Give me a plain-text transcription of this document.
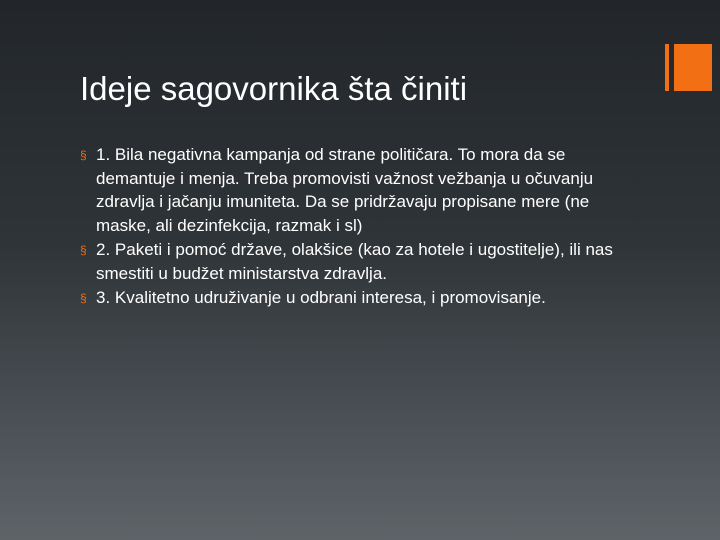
Ideje sagovornika šta činiti
§ 1. Bila negativna kampanja od strane političara. To mora da se demantuje i menja. Treba promovisti važnost vežbanja u očuvanju zdravlja i jačanju imuniteta. Da se pridržavaju propisane mere (ne maske, ali dezinfekcija, razmak i sl)
§ 2. Paketi i pomoć države, olakšice (kao za hotele i ugostitelje), ili nas smestiti u budžet ministarstva zdravlja.
§ 3. Kvalitetno udruživanje u odbrani interesa, i promovisanje.
